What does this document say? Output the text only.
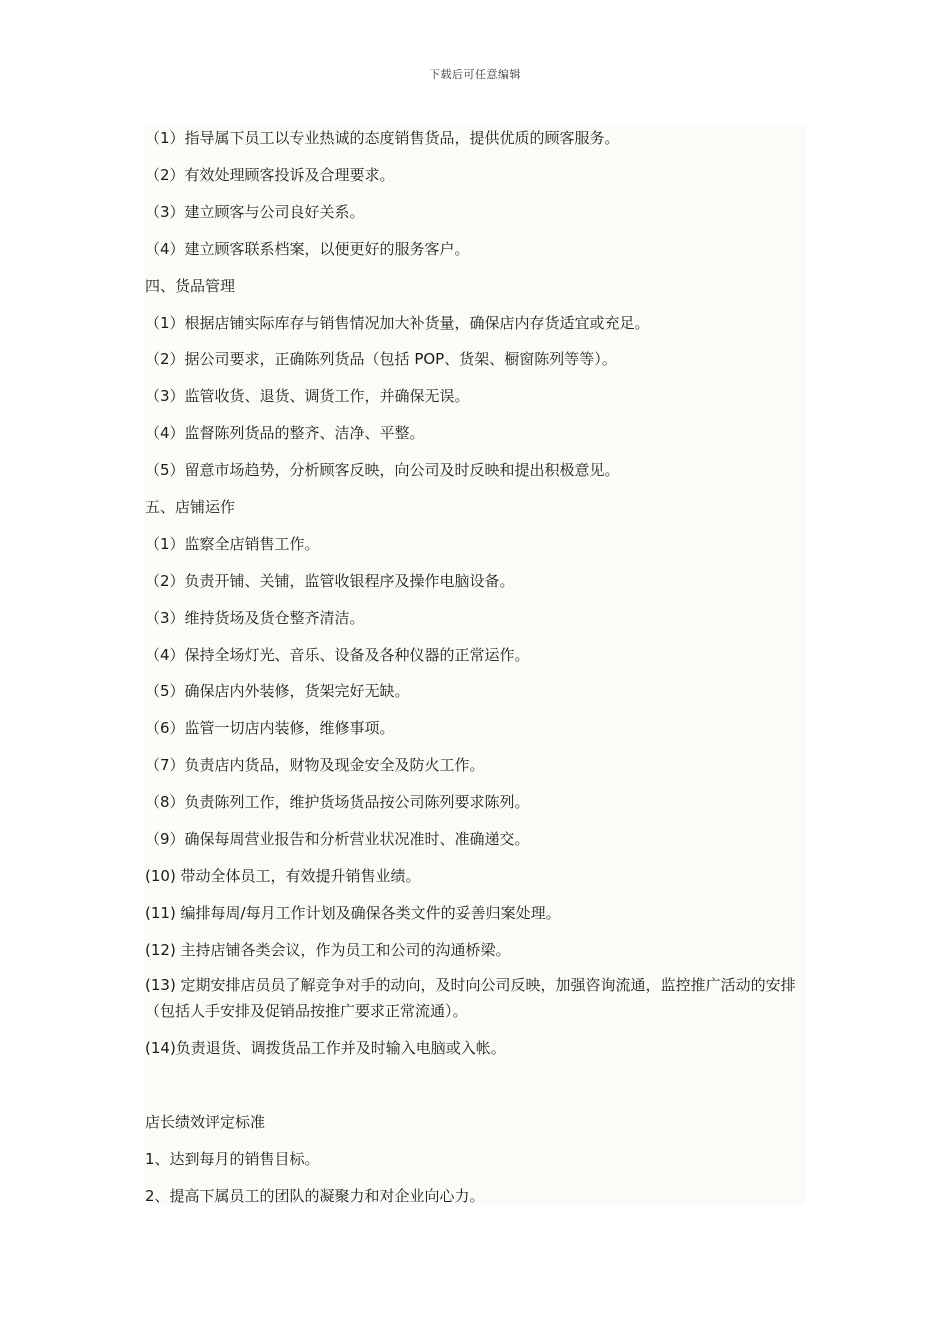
下载后可任意编辑

（1）指导属下员工以专业热诚的态度销售货品，提供优质的顾客服务。

（2）有效处理顾客投诉及合理要求。

（3）建立顾客与公司良好关系。

（4）建立顾客联系档案，以便更好的服务客户。

四、货品管理

（1）根据店铺实际库存与销售情况加大补货量，确保店内存货适宜或充足。

（2）据公司要求，正确陈列货品（包括 POP、货架、橱窗陈列等等）。

（3）监管收货、退货、调货工作，并确保无误。

（4）监督陈列货品的整齐、洁净、平整。

（5）留意市场趋势，分析顾客反映，向公司及时反映和提出积极意见。

五、店铺运作

（1）监察全店销售工作。

（2）负责开铺、关铺，监管收银程序及操作电脑设备。

（3）维持货场及货仓整齐清洁。

（4）保持全场灯光、音乐、设备及各种仪器的正常运作。

（5）确保店内外装修，货架完好无缺。

（6）监管一切店内装修，维修事项。

（7）负责店内货品，财物及现金安全及防火工作。

（8）负责陈列工作，维护货场货品按公司陈列要求陈列。

（9）确保每周营业报告和分析营业状况准时、准确递交。

(10) 带动全体员工，有效提升销售业绩。

(11) 编排每周/每月工作计划及确保各类文件的妥善归案处理。

(12) 主持店铺各类会议，作为员工和公司的沟通桥梁。

(13) 定期安排店员员了解竞争对手的动向，及时向公司反映，加强咨询流通，监控推广活动的安排（包括人手安排及促销品按推广要求正常流通）。

(14)负责退货、调拨货品工作并及时输入电脑或入帐。

店长绩效评定标准

1、达到每月的销售目标。

2、提高下属员工的团队的凝聚力和对企业向心力。
